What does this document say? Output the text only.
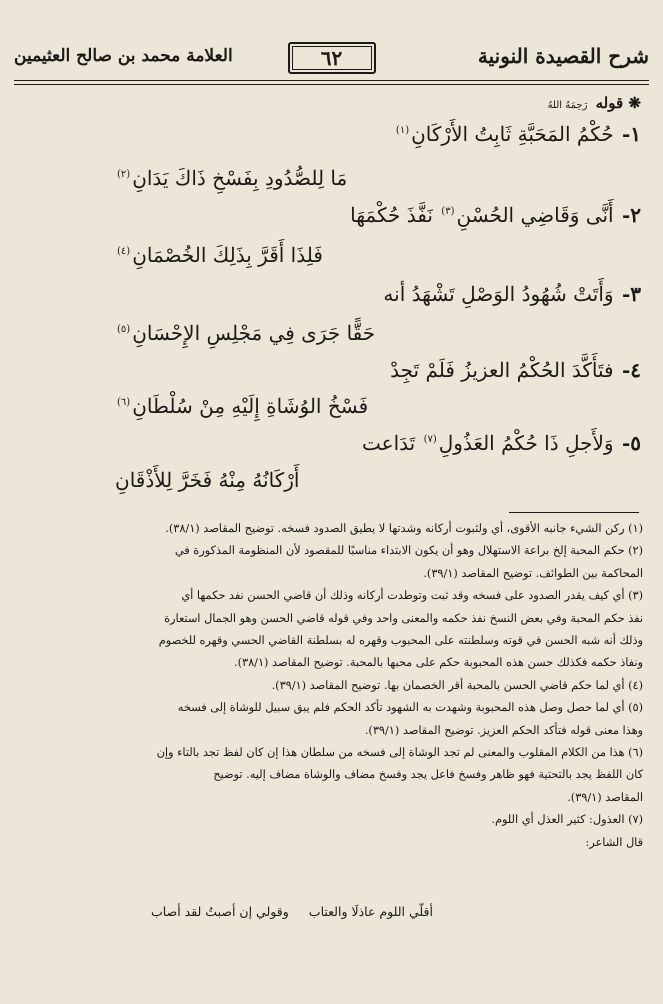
شرح القصيدة النونية
٦٢
العلامة محمد بن صالح العثيمين
❋ قوله رَحِمَهُ اللهُ
١- حُكْمُ المَحَبَّةِ ثَابِتُ الأَرْكَانِ$^{(١)}$
مَا لِلصُّدُودِ بِفَسْخِ ذَاكَ يَدَانِ$^{(٢)}$
٢- أَنَّى وَقَاضِي الحُسْنِ$^{(٣)}$ نَفَّذَ حُكْمَهَا
فَلِذَا أَقَرَّ بِذَلِكَ الخُصْمَانِ$^{(٤)}$
٣- وَأَتَتْ شُهُودُ الوَصْلِ تَشْهَدُ أنه
حَقًّا جَرَى فِي مَجْلِسِ الإِحْسَانِ$^{(٥)}$
٤- فتَأَكَّدَ الحُكْمُ العزيزُ فَلَمْ تَجِدْ
فَسْخُ الوُشَاةِ إِلَيْهِ مِنْ سُلْطَانِ$^{(٦)}$
٥- وَلأَجلِ ذَا حُكْمُ العَذُولِ$^{(٧)}$ تَدَاعت
أَرْكَانُهُ مِنْهُ فَخَرَّ لِلأَذْقَانِ
(١) ركن الشيء جانبه الأقوى، أي ولثبوت أركانه وشدتها لا يطيق الصدود فسخه. توضيح المقاصد (٣٨/١).
(٢) حكم المحبة إلخ براعة الاستهلال وهو أن يكون الابتداء مناسبًا للمقصود لأن المنظومة المذكورة في
المحاكمة بين الطوائف. توضيح المقاصد (٣٩/١).
(٣) أي كيف يقدر الصدود على فسخه وقد ثبت وتوطدت أركانه وذلك أن قاضي الحسن نفد حكمها أي
نفذ حكم المحبة وفي بعض النسخ نفذ حكمه والمعنى واحد وفي قوله قاضي الحسن وهو الجمال استعارة
وذلك أنه شبه الحسن في قوته وسلطنته على المحبوب وقهره له بسلطنة القاضي الحسي وقهره للخصوم
ونفاذ حكمه فكذلك حسن هذه المحبوبة حكم على محبها بالمحبة. توضيح المقاصد (٣٨/١).
(٤) أي لما حكم قاضي الحسن بالمحبة أقر الخصمان بها. توضيح المقاصد (٣٩/١).
(٥) أي لما حصل وصل هذه المحبوبة وشهدت به الشهود تأكد الحكم فلم يبق سبيل للوشاة إلى فسخه
وهذا معنى قوله فتأكد الحكم العزيز. توضيح المقاصد (٣٩/١).
(٦) هذا من الكلام المقلوب والمعنى لم تجد الوشاة إلى فسخه من سلطان هذا إن كان لفظ تجد بالتاء وإن
كان اللفظ يجد بالتحتية فهو ظاهر وفسخ فاعل يجد وفسخ مضاف والوشاة مضاف إليه. توضيح
المقاصد (٣٩/١).
(٧) العذول: كثير العذل أي اللوم.
قال الشاعر:
أقلّي اللوم عاذلَا والعتاب
وقولي إن أصبتُ لقد أصاب
